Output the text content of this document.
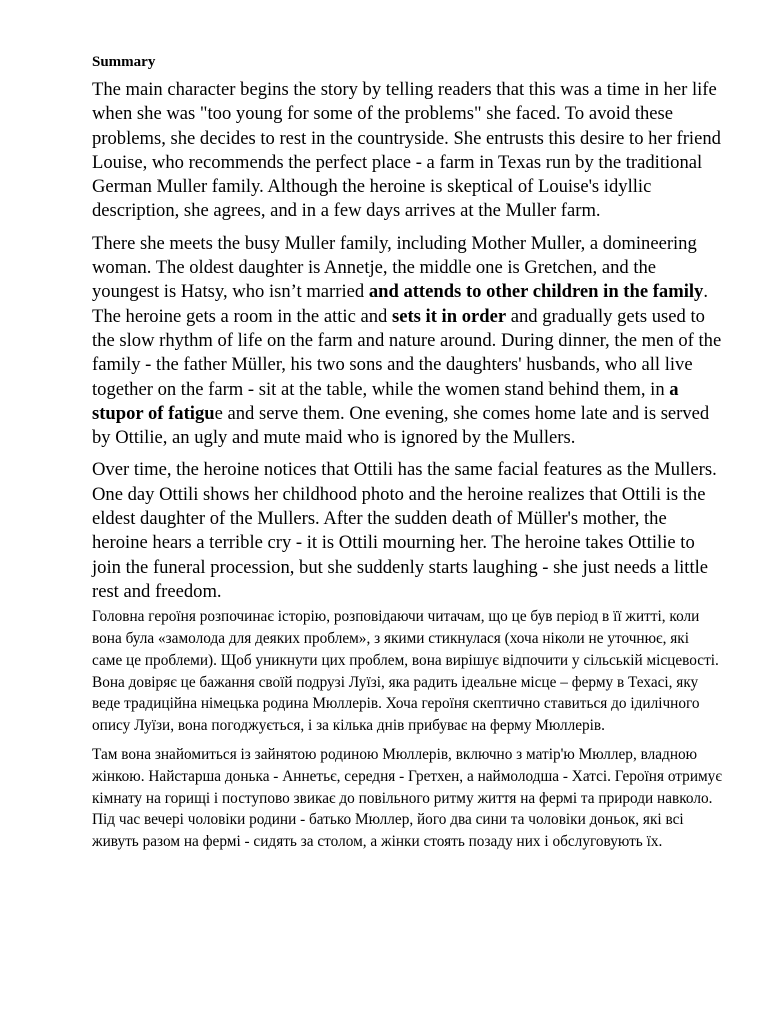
Summary

The main character begins the story by telling readers that this was a time in her life when she was "too young for some of the problems" she faced. To avoid these problems, she decides to rest in the countryside. She entrusts this desire to her friend Louise, who recommends the perfect place - a farm in Texas run by the traditional German Muller family. Although the heroine is skeptical of Louise's idyllic description, she agrees, and in a few days arrives at the Muller farm.

There she meets the busy Muller family, including Mother Muller, a domineering woman. The oldest daughter is Annetje, the middle one is Gretchen, and the youngest is Hatsy, who isn’t married and attends to other children in the family. The heroine gets a room in the attic and sets it in order and gradually gets used to the slow rhythm of life on the farm and nature around. During dinner, the men of the family - the father Müller, his two sons and the daughters' husbands, who all live together on the farm - sit at the table, while the women stand behind them, in a stupor of fatigue and serve them. One evening, she comes home late and is served by Ottilie, an ugly and mute maid who is ignored by the Mullers.

Over time, the heroine notices that Ottili has the same facial features as the Mullers. One day Ottili shows her childhood photo and the heroine realizes that Ottili is the eldest daughter of the Mullers. After the sudden death of Müller's mother, the heroine hears a terrible cry - it is Ottili mourning her. The heroine takes Ottilie to join the funeral procession, but she suddenly starts laughing - she just needs a little rest and freedom.

Головна героїня розпочинає історію, розповідаючи читачам, що це був період в її житті, коли вона була «замолода для деяких проблем», з якими стикнулася (хоча ніколи не уточнює, які саме це проблеми). Щоб уникнути цих проблем, вона вирішує відпочити у сільській місцевості. Вона довіряє це бажання своїй подрузі Луїзі, яка радить ідеальне місце – ферму в Техасі, яку веде традиційна німецька родина Мюллерів. Хоча героїня скептично ставиться до ідилічного опису Луїзи, вона погоджується, і за кілька днів прибуває на ферму Мюллерів.

Там вона знайомиться із зайнятою родиною Мюллерів, включно з матір'ю Мюллер, владною жінкою. Найстарша донька - Аннетьє, середня - Гретхен, а наймолодша - Хатсі. Героїня отримує кімнату на горищі і поступово звикає до повільного ритму життя на фермі та природи навколо. Під час вечері чоловіки родини - батько Мюллер, його два сини та чоловіки доньок, які всі живуть разом на фермі - сидять за столом, а жінки стоять позаду них і обслуговують їх.
